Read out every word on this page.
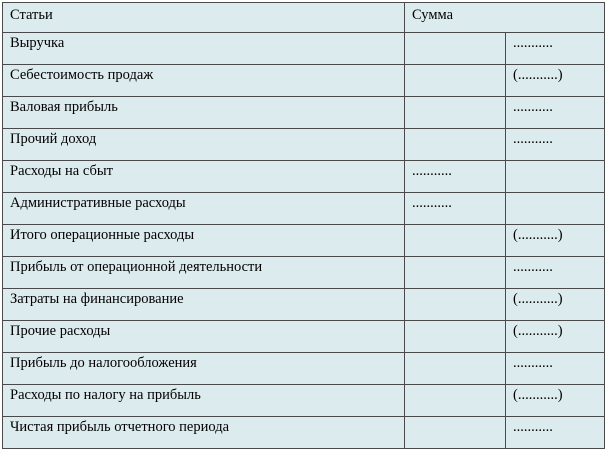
Статьи	Сумма	
Выручка		...........
Себестоимость продаж		(...........)
Валовая прибыль		...........
Прочий доход		...........
Расходы на сбыт	...........	
Административные расходы	...........	
Итого операционные расходы		(...........)
Прибыль от операционной деятельности		...........
Затраты на финансирование		(...........)
Прочие расходы		(...........)
Прибыль до налогообложения		...........
Расходы по налогу на прибыль		(...........)
Чистая прибыль отчетного периода		...........
